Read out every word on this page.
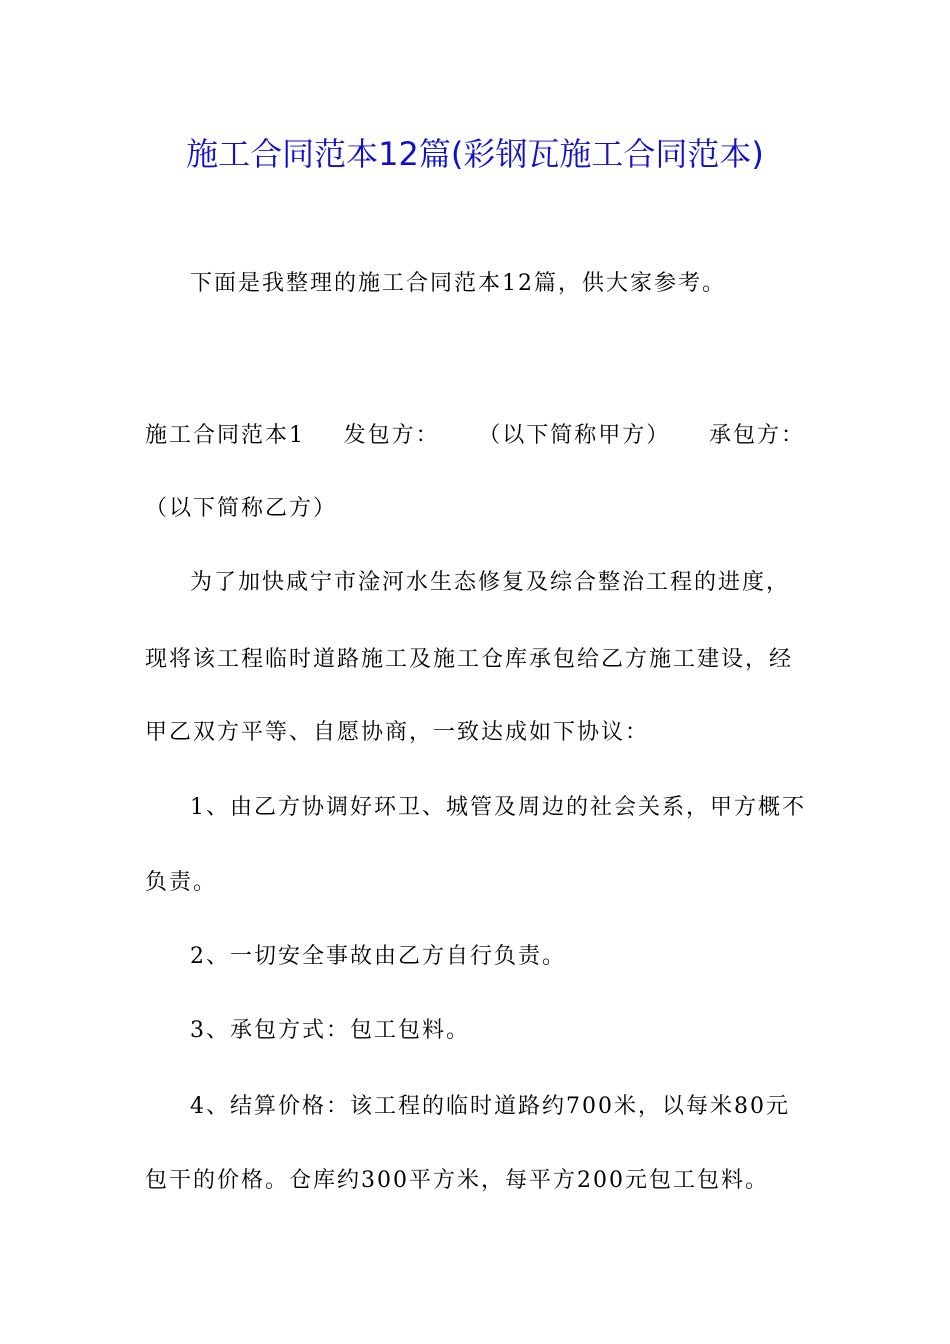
施工合同范本12篇(彩钢瓦施工合同范本)
下面是我整理的施工合同范本12篇，供大家参考。
施工合同范本1 发包方： （以下简称甲方） 承包方：
（以下简称乙方）
为了加快咸宁市淦河水生态修复及综合整治工程的进度，
现将该工程临时道路施工及施工仓库承包给乙方施工建设，经
甲乙双方平等、自愿协商，一致达成如下协议：
1、由乙方协调好环卫、城管及周边的社会关系，甲方概不
负责。
2、一切安全事故由乙方自行负责。
3、承包方式：包工包料。
4、结算价格：该工程的临时道路约700米，以每米80元
包干的价格。仓库约300平方米，每平方200元包工包料。
